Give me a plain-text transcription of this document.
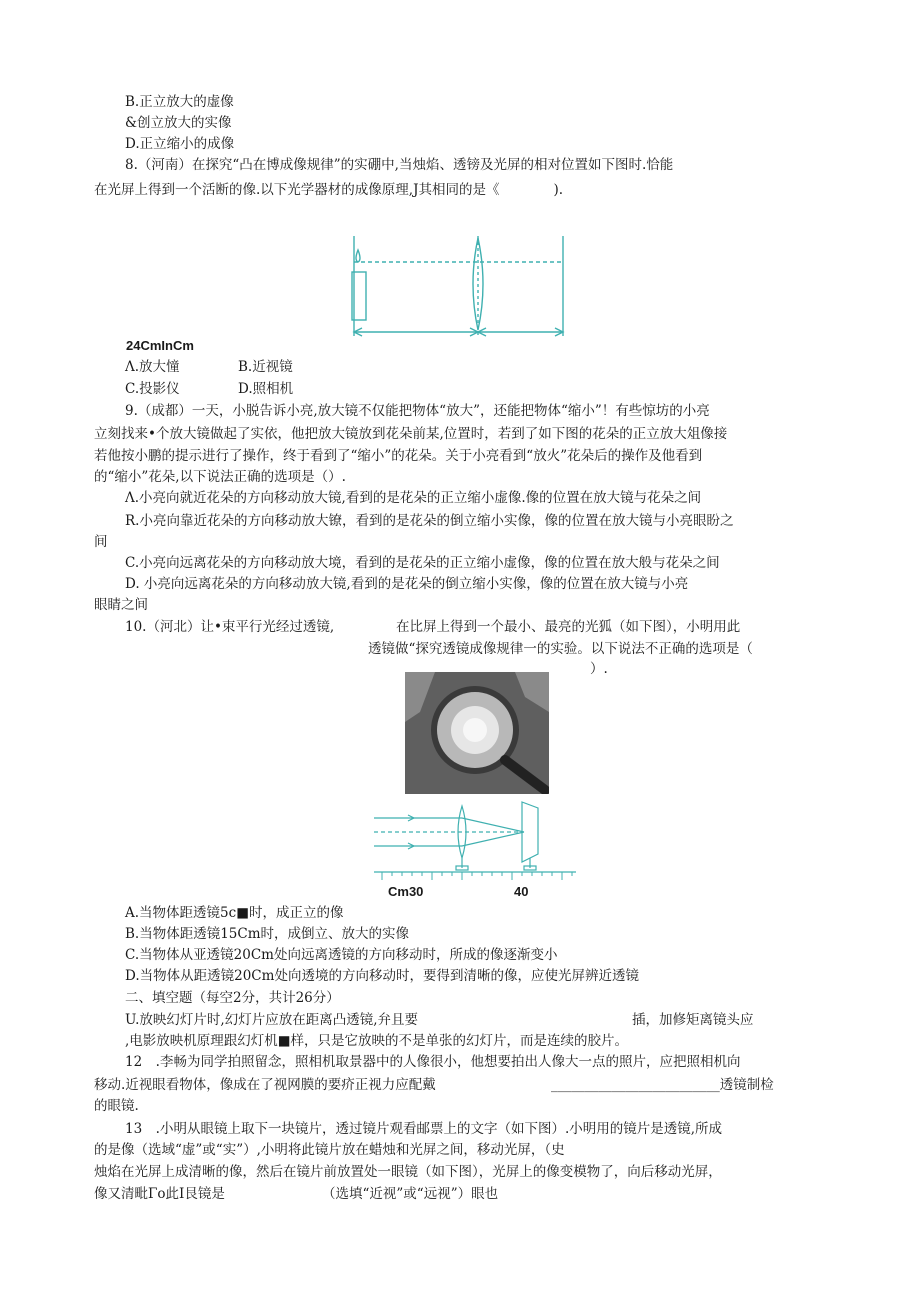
B.正立放大的虚像
&创立放大的实像
D.正立缩小的成像
8.（河南）在探究“凸在博成像规律”的实硼中,当烛焰、透镑及光屏的相对位置如下图时.恰能
在光屏上得到一个活断的像.以下光学器材的成像原理,J其相同的是《　　　　).
24CmInCm
Λ.放大憧	B.近视镜
C.投影仪	D.照相机
9.（成都）一天，小脱告诉小亮,放大镜不仅能把物体“放大”，还能把物体“缩小”！有些惊坊的小亮
立刻找来•个放大镜做起了实依，他把放大镜放到花朵前某,位置时，若到了如下图的花朵的正立放大俎像接
若他按小鹏的提示进行了操作，终于看到了“缩小”的花朵。关于小亮看到“放火”花朵后的操作及他看到
的“缩小”花朵,以下说法正确的选项是（）.
Λ.小亮向就近花朵的方向移动放大镜,看到的是花朵的正立缩小虚像.像的位置在放大镜与花朵之间
R.小亮向靠近花朵的方向移动放大镣，看到的是花朵的倒立缩小实像，像的位置在放大镜与小亮眼盼之
间
C.小亮向远离花朵的方向移动放大境，看到的是花朵的正立缩小虚像，像的位置在放大般与花朵之间
D. 小亮向远离花朵的方向移动放大镜,看到的是花朵的倒立缩小实像，像的位置在放大镜与小亮
眼睛之间
10.（河北）让•束平行光经过透镜,	在比屏上得到一个最小、最亮的光狐（如下图），小明用此
透镜做“探究透镜成像规律一的实验。以下说法不正确的选项是（
）.
Cm30	40
A.当物体距透镜5c■时，成正立的像
B.当物体距透镜15Cm时，成倒立、放大的实像
C.当物体从亚透镜20Cm处向远离透镜的方向移动时，所成的像逐渐变小
D.当物体从距透镜20Cm处向透境的方向移动时，要得到清晰的像，应使光屏辨近透镜
二、填空题（每空2分，共计26分）
U.放映幻灯片时,幻灯片应放在距离凸透镜,弁且要	插，加修矩离镜头应
,电影放映机原理跟幻灯机■样，只是它放映的不是单张的幻灯片，而是连续的胶片。
12　.李畅为同学拍照留念，照相机取景器中的人像很小，他想要拍出人像大一点的照片，应把照相机向
移动.近视眼看物体，像成在了视网膜的要疥正视力应配戴	_________________________透镜制检
的眼镜.
13　.小明从眼镜上取下一块镜片，透过镜片观看邮票上的文字（如下图）.小明用的镜片是透镜,所成
的是像（选域“虚”或“实”）,小明将此镜片放在蜡烛和光屏之间，移动光屏，（史
烛焰在光屏上成清晰的像，然后在镜片前放置处一眼镜（如下图），光屏上的像变模物了，向后移动光屏，
像又清毗Γo此I艮镜是	（选填“近视”或“远视”）眼也
